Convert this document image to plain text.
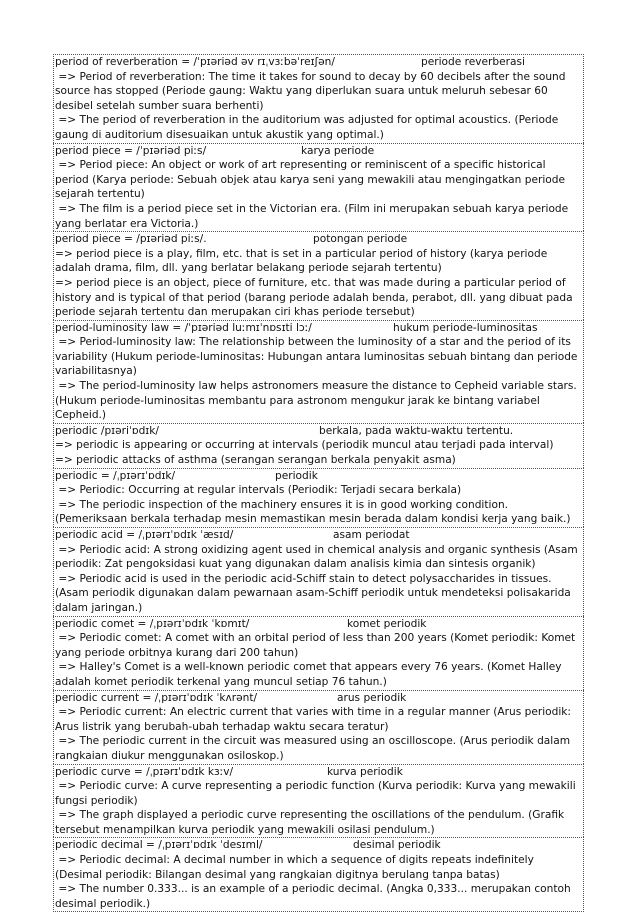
period of reverberation = /ˈpɪəriəd əv rɪˌvɜːbəˈreɪʃən/	periode reverberasi
=> Period of reverberation: The time it takes for sound to decay by 60 decibels after the sound source has stopped (Periode gaung: Waktu yang diperlukan suara untuk meluruh sebesar 60 desibel setelah sumber suara berhenti)
=> The period of reverberation in the auditorium was adjusted for optimal acoustics. (Periode gaung di auditorium disesuaikan untuk akustik yang optimal.)
period piece = /ˈpɪəriəd piːs/	karya periode
=> Period piece: An object or work of art representing or reminiscent of a specific historical period (Karya periode: Sebuah objek atau karya seni yang mewakili atau mengingatkan periode sejarah tertentu)
=> The film is a period piece set in the Victorian era. (Film ini merupakan sebuah karya periode yang berlatar era Victoria.)
period piece = /pɪəriəd piːs/.	potongan periode
=> period piece is a play, film, etc. that is set in a particular period of history (karya periode adalah drama, film, dll. yang berlatar belakang periode sejarah tertentu)
=> period piece is an object, piece of furniture, etc. that was made during a particular period of history and is typical of that period (barang periode adalah benda, perabot, dll. yang dibuat pada periode sejarah tertentu dan merupakan ciri khas periode tersebut)
period-luminosity law = /ˈpɪəriəd luːmɪˈnɒsɪti lɔː/	hukum periode-luminositas
=> Period-luminosity law: The relationship between the luminosity of a star and the period of its variability (Hukum periode-luminositas: Hubungan antara luminositas sebuah bintang dan periode variabilitasnya)
=> The period-luminosity law helps astronomers measure the distance to Cepheid variable stars. (Hukum periode-luminositas membantu para astronom mengukur jarak ke bintang variabel Cepheid.)
periodic /pɪəriˈɒdɪk/	berkala, pada waktu-waktu tertentu.
=> periodic is appearing or occurring at intervals (periodik muncul atau terjadi pada interval)
=> periodic attacks of asthma (serangan serangan berkala penyakit asma)
periodic = /ˌpɪərɪˈɒdɪk/	periodik
=> Periodic: Occurring at regular intervals (Periodik: Terjadi secara berkala)
=> The periodic inspection of the machinery ensures it is in good working condition. (Pemeriksaan berkala terhadap mesin memastikan mesin berada dalam kondisi kerja yang baik.)
periodic acid = /ˌpɪərɪˈɒdɪk ˈæsɪd/	asam periodat
=> Periodic acid: A strong oxidizing agent used in chemical analysis and organic synthesis (Asam periodik: Zat pengoksidasi kuat yang digunakan dalam analisis kimia dan sintesis organik)
=> Periodic acid is used in the periodic acid-Schiff stain to detect polysaccharides in tissues. (Asam periodik digunakan dalam pewarnaan asam-Schiff periodik untuk mendeteksi polisakarida dalam jaringan.)
periodic comet = /ˌpɪərɪˈɒdɪk ˈkɒmɪt/	komet periodik
=> Periodic comet: A comet with an orbital period of less than 200 years (Komet periodik: Komet yang periode orbitnya kurang dari 200 tahun)
=> Halley's Comet is a well-known periodic comet that appears every 76 years. (Komet Halley adalah komet periodik terkenal yang muncul setiap 76 tahun.)
periodic current = /ˌpɪərɪˈɒdɪk ˈkʌrənt/	arus periodik
=> Periodic current: An electric current that varies with time in a regular manner (Arus periodik: Arus listrik yang berubah-ubah terhadap waktu secara teratur)
=> The periodic current in the circuit was measured using an oscilloscope. (Arus periodik dalam rangkaian diukur menggunakan osiloskop.)
periodic curve = /ˌpɪərɪˈɒdɪk kɜːv/	kurva periodik
=> Periodic curve: A curve representing a periodic function (Kurva periodik: Kurva yang mewakili fungsi periodik)
=> The graph displayed a periodic curve representing the oscillations of the pendulum. (Grafik tersebut menampilkan kurva periodik yang mewakili osilasi pendulum.)
periodic decimal = /ˌpɪərɪˈɒdɪk ˈdesɪml/	desimal periodik
=> Periodic decimal: A decimal number in which a sequence of digits repeats indefinitely (Desimal periodik: Bilangan desimal yang rangkaian digitnya berulang tanpa batas)
=> The number 0.333... is an example of a periodic decimal. (Angka 0,333... merupakan contoh desimal periodik.)
